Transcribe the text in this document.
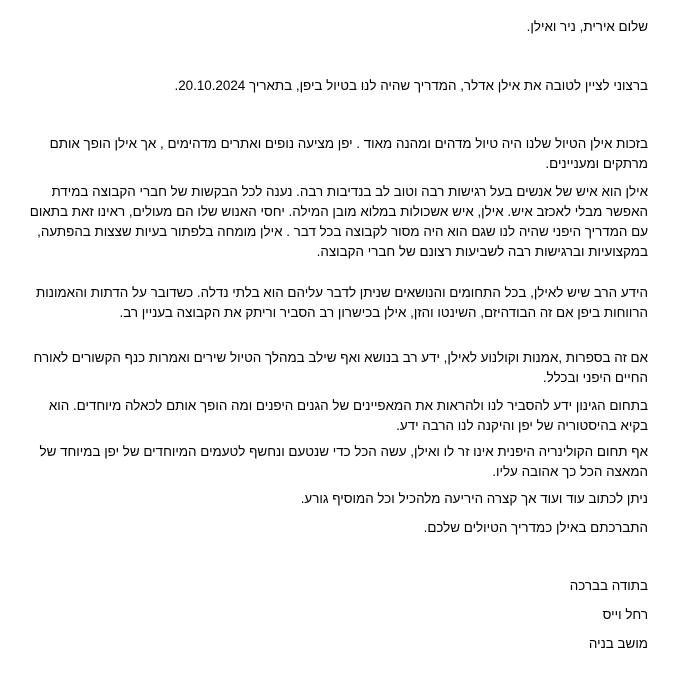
שלום אירית, ניר ואילן.

ברצוני לציין לטובה את אילן אדלר, המדריך שהיה לנו בטיול ביפן, בתאריך 20.10.2024.

בזכות אילן הטיול שלנו היה טיול מדהים ומהנה מאוד . יפן מציעה נופים ואתרים מדהימים , אך אילן הופך אותם מרתקים ומעניינים.

אילן הוא איש של אנשים בעל רגישות רבה וטוב לב בנדיבות רבה. נענה לכל הבקשות של חברי הקבוצה במידת האפשר מבלי לאכזב איש. אילן, איש אשכולות במלוא מובן המילה. יחסי האנוש שלו הם מעולים, ראינו זאת בתאום עם המדריך היפני שהיה לנו שגם הוא היה מסור לקבוצה בכל דבר . אילן מומחה בלפתור בעיות שצצות בהפתעה, במקצועיות וברגישות רבה לשביעות רצונם של חברי הקבוצה.

הידע הרב שיש לאילן, בכל התחומים והנושאים שניתן לדבר עליהם הוא בלתי נדלה. כשדובר על הדתות והאמונות הרווחות ביפן אם זה הבודהיזם, השינטו והזן, אילן בכישרון רב הסביר וריתק את הקבוצה בעניין רב.

אם זה בספרות ,אמנות וקולנוע לאילן, ידע רב בנושא ואף שילב במהלך הטיול שירים ואמרות כנף הקשורים לאורח החיים היפני ובכלל.

בתחום הגינון ידע להסביר לנו ולהראות את המאפיינים של הגנים היפנים ומה הופך אותם לכאלה מיוחדים. הוא בקיא בהיסטוריה של יפן והיקנה לנו הרבה ידע.

אף תחום הקולינריה היפנית אינו זר לו ואילן, עשה הכל כדי שנטעם ונחשף לטעמים המיוחדים של יפן במיוחד של המאצה הכל כך אהובה עליו.

ניתן לכתוב עוד ועוד אך קצרה היריעה מלהכיל וכל המוסיף גורע.

התברכתם באילן כמדריך הטיולים שלכם.

בתודה בברכה

רחל וייס

מושב בניה
